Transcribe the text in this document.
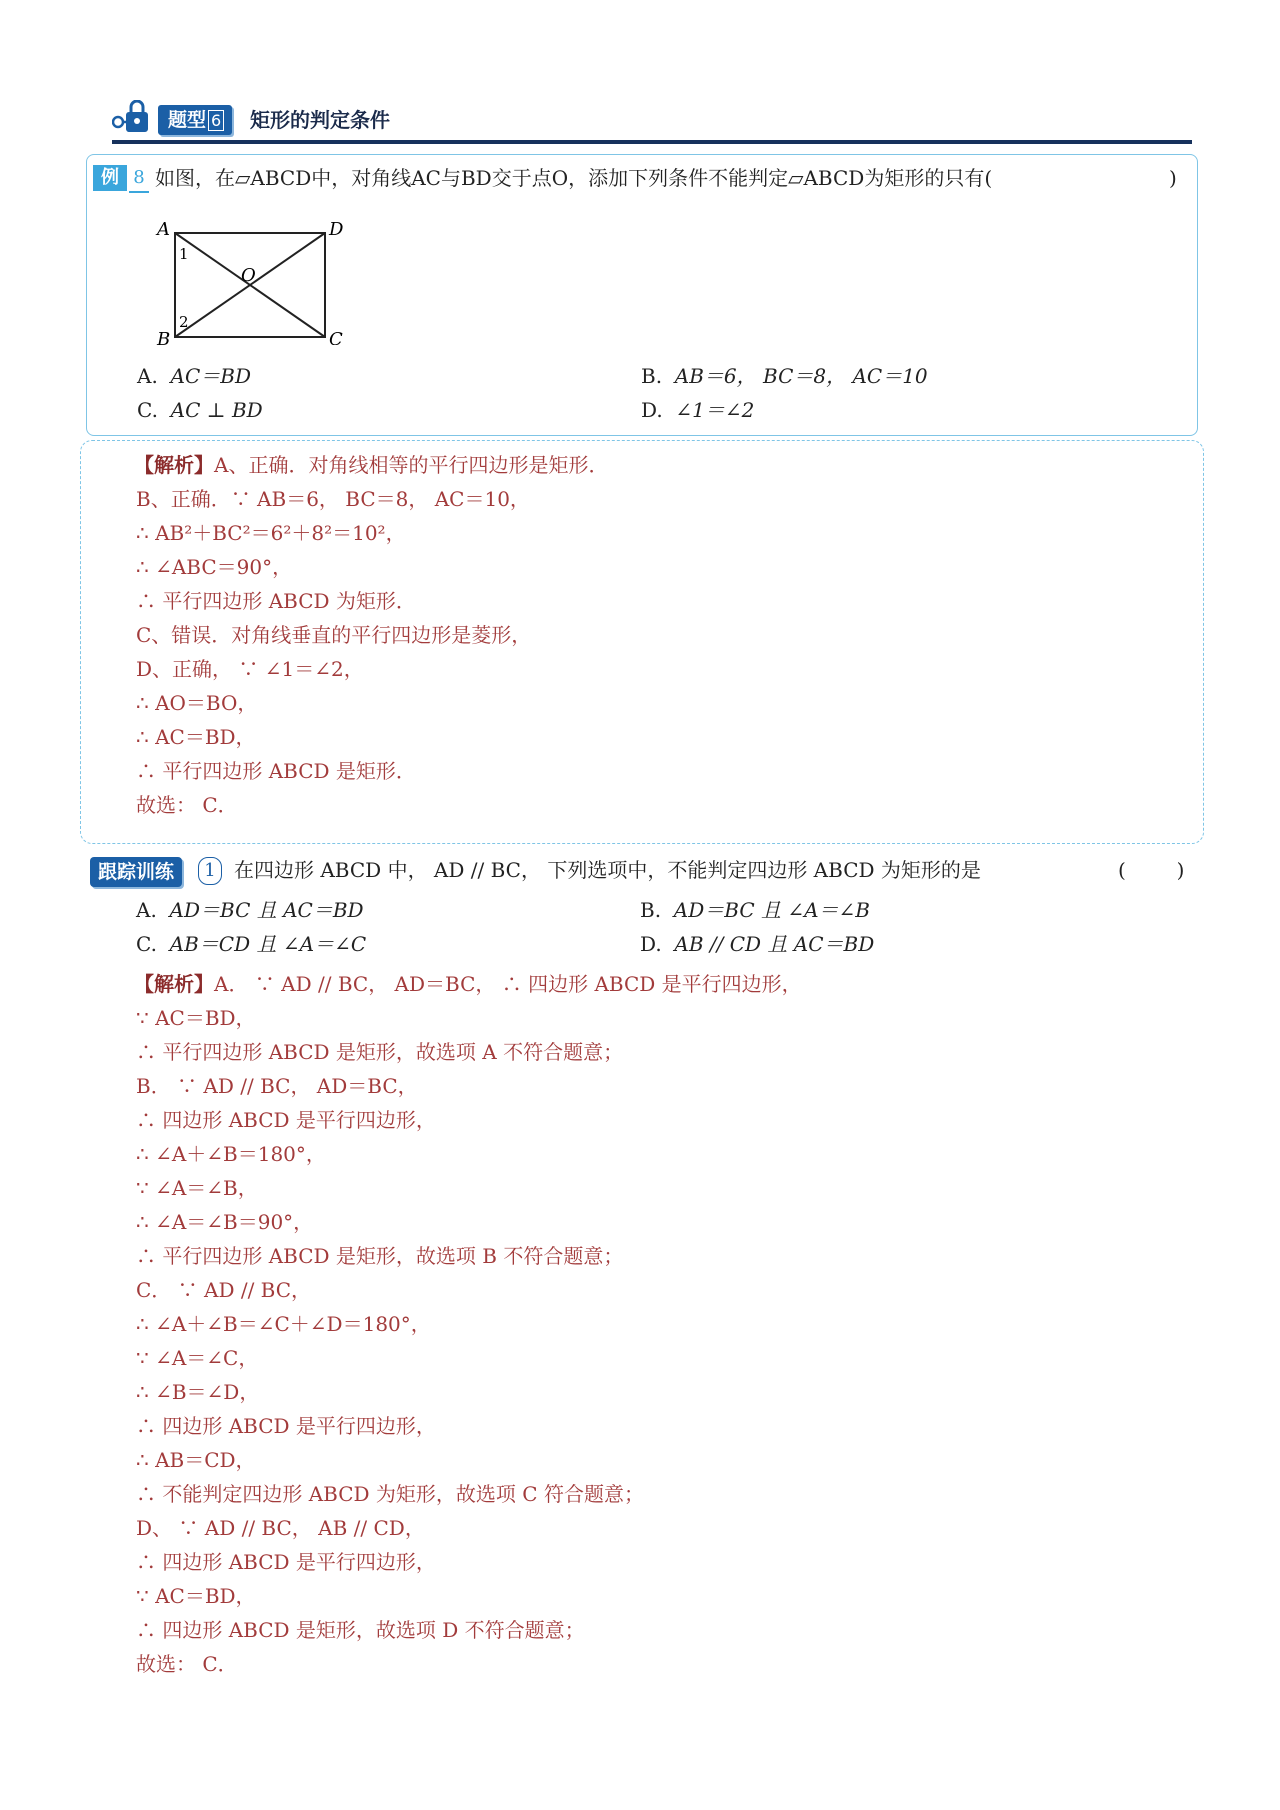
题型 6	矩形的判定条件
例 8 如图，在▱ABCD中，对角线AC与BD交于点O，添加下列条件不能判定▱ABCD为矩形的只有(	)
A	D
B	C
O
1
2
A. AC＝BD	B. AB＝6， BC＝8， AC＝10
C. AC ⊥ BD	D. ∠1＝∠2
【解析】A、正确．对角线相等的平行四边形是矩形．
B、正确．∵ AB＝6， BC＝8， AC＝10，
∴ AB²＋BC²＝6²＋8²＝10²，
∴ ∠ABC＝90°，
∴ 平行四边形 ABCD 为矩形．
C、错误．对角线垂直的平行四边形是菱形，
D、正确， ∵ ∠1＝∠2，
∴ AO＝BO，
∴ AC＝BD，
∴ 平行四边形 ABCD 是矩形．
故选： C．
跟踪训练	1 在四边形 ABCD 中， AD // BC， 下列选项中，不能判定四边形 ABCD 为矩形的是	(        )
A. AD＝BC 且 AC＝BD	B. AD＝BC 且 ∠A＝∠B
C. AB＝CD 且 ∠A＝∠C	D. AB // CD 且 AC＝BD
【解析】A． ∵ AD // BC， AD＝BC， ∴ 四边形 ABCD 是平行四边形，
∵ AC＝BD，
∴ 平行四边形 ABCD 是矩形，故选项 A 不符合题意；
B． ∵ AD // BC， AD＝BC，
∴ 四边形 ABCD 是平行四边形，
∴ ∠A＋∠B＝180°，
∵ ∠A＝∠B，
∴ ∠A＝∠B＝90°，
∴ 平行四边形 ABCD 是矩形，故选项 B 不符合题意；
C． ∵ AD // BC，
∴ ∠A＋∠B＝∠C＋∠D＝180°，
∵ ∠A＝∠C，
∴ ∠B＝∠D，
∴ 四边形 ABCD 是平行四边形，
∴ AB＝CD，
∴ 不能判定四边形 ABCD 为矩形，故选项 C 符合题意；
D、 ∵ AD // BC， AB // CD，
∴ 四边形 ABCD 是平行四边形，
∵ AC＝BD，
∴ 四边形 ABCD 是矩形，故选项 D 不符合题意；
故选： C．
